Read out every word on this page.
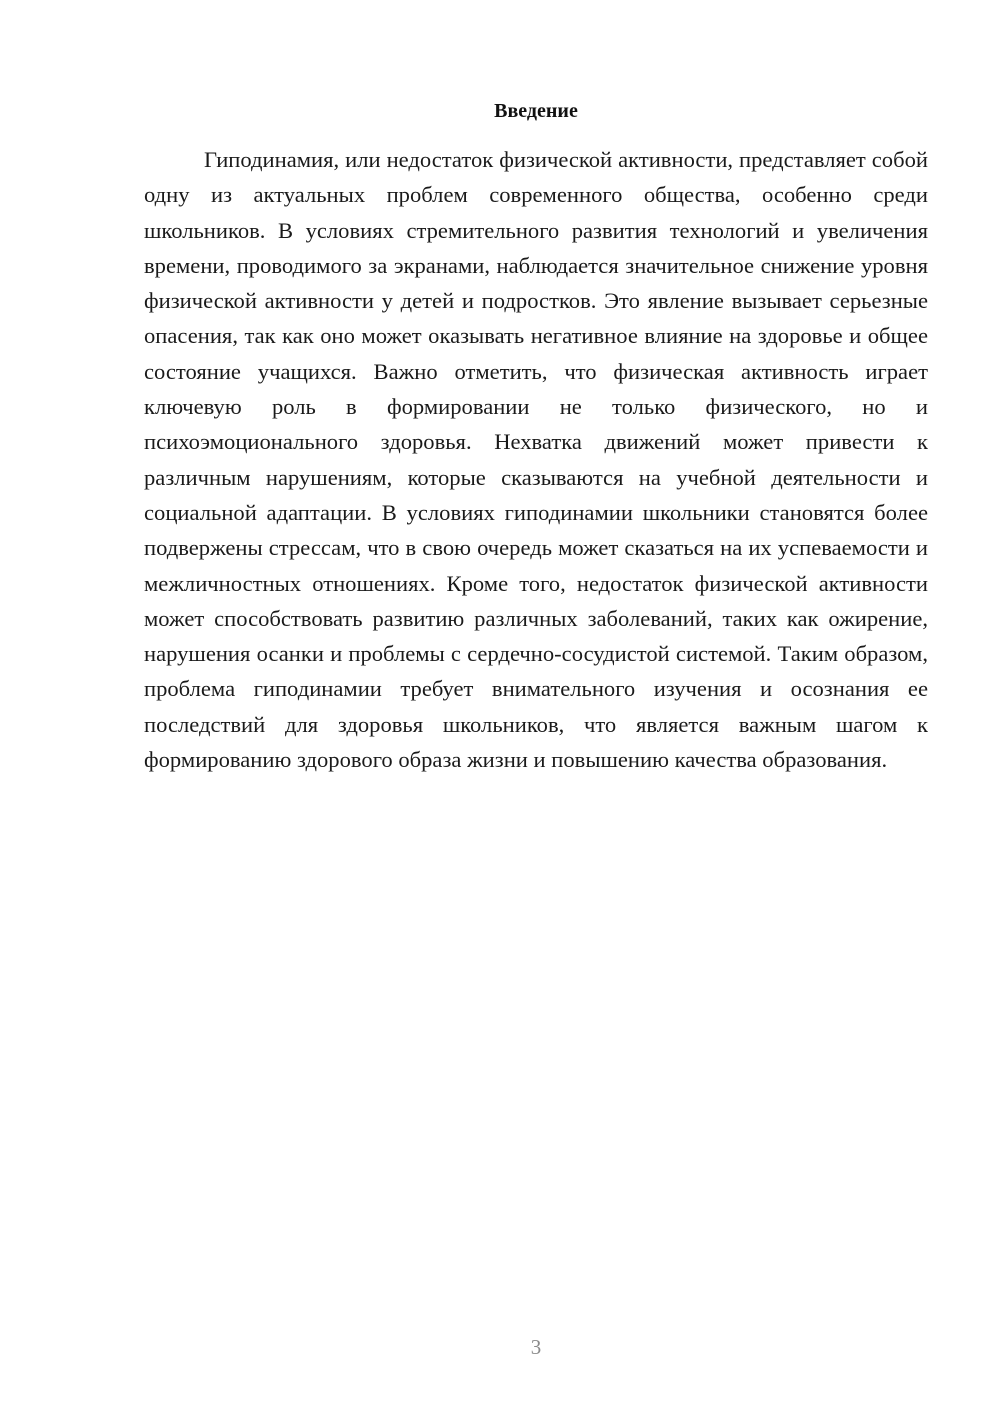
Введение

Гиподинамия, или недостаток физической активности, представляет собой одну из актуальных проблем современного общества, особенно среди школьников. В условиях стремительного развития технологий и увеличения времени, проводимого за экранами, наблюдается значительное снижение уровня физической активности у детей и подростков. Это явление вызывает серьезные опасения, так как оно может оказывать негативное влияние на здоровье и общее состояние учащихся. Важно отметить, что физическая активность играет ключевую роль в формировании не только физического, но и психоэмоционального здоровья. Нехватка движений может привести к различным нарушениям, которые сказываются на учебной деятельности и социальной адаптации. В условиях гиподинамии школьники становятся более подвержены стрессам, что в свою очередь может сказаться на их успеваемости и межличностных отношениях. Кроме того, недостаток физической активности может способствовать развитию различных заболеваний, таких как ожирение, нарушения осанки и проблемы с сердечно-сосудистой системой. Таким образом, проблема гиподинамии требует внимательного изучения и осознания ее последствий для здоровья школьников, что является важным шагом к формированию здорового образа жизни и повышению качества образования.

3
